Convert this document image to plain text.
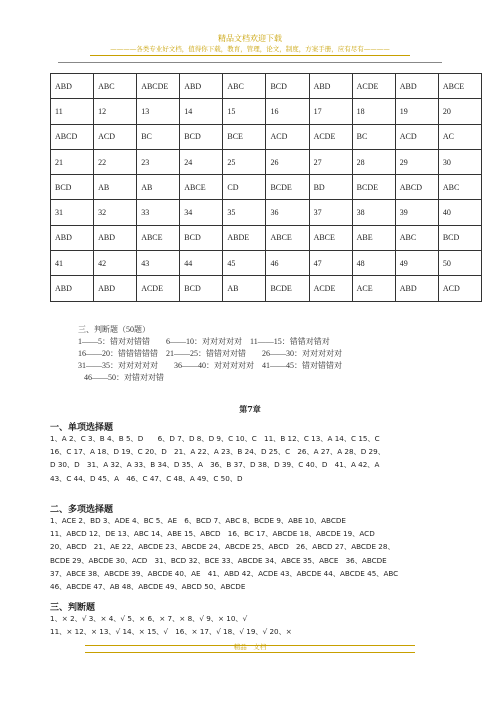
精品文档欢迎下载
————各类专业好文档，值得你下载，教育，管理，论文，制度，方案手册，应有尽有————
ABD	ABC	ABCDE	ABD	ABC	BCD	ABD	ACDE	ABD	ABCE
11	12	13	14	15	16	17	18	19	20
ABCD	ACD	BC	BCD	BCE	ACD	ACDE	BC	ACD	AC
21	22	23	24	25	26	27	28	29	30
BCD	AB	AB	ABCE	CD	BCDE	BD	BCDE	ABCD	ABC
31	32	33	34	35	36	37	38	39	40
ABD	ABD	ABCE	BCD	ABDE	ABCE	ABCE	ABE	ABC	BCD
41	42	43	44	45	46	47	48	49	50
ABD	ABD	ACDE	BCD	AB	BCDE	ACDE	ACE	ABD	ACD
三、判断题（50题）
1——5：错对对错错　　6——10：对对对对对　11——15：错错对错对
16——20：错错错错错　21——25：错错对对错　　26——30：对对对对对
31——35：对对对对对　　36——40：对对对对对　41——45：错对错错对
46——50：对错对对错
第7章
一、单项选择题
1、A 2、C 3、B 4、B 5、D　　6、D 7、D 8、D 9、C 10、C　11、B 12、C 13、A 14、C 15、C
16、C 17、A 18、D 19、C 20、D　21、A 22、A 23、B 24、D 25、C　26、A 27、A 28、D 29、
D 30、D　31、A 32、A 33、B 34、D 35、A　36、B 37、D 38、D 39、C 40、D　41、A 42、A
43、C 44、D 45、A　46、C 47、C 48、A 49、C 50、D
二、多项选择题
1、ACE 2、BD 3、ADE 4、BC 5、AE　6、BCD 7、ABC 8、BCDE 9、ABE 10、ABCDE
11、ABCD 12、DE 13、ABC 14、ABE 15、ABCD　16、BC 17、ABCDE 18、ABCDE 19、ACD
20、ABCD　21、AE 22、ABCDE 23、ABCDE 24、ABCDE 25、ABCD　26、ABCD 27、ABCDE 28、
BCDE 29、ABCDE 30、ACD　31、BCD 32、BCE 33、ABCDE 34、ABCE 35、ABCE　36、ABCDE
37、ABCE 38、ABCDE 39、ABCDE 40、AE　41、ABD 42、ACDE 43、ABCDE 44、ABCDE 45、ABC
46、ABCDE 47、AB 48、ABCDE 49、ABCD 50、ABCDE
三、判断题
1、× 2、√ 3、× 4、√ 5、× 6、× 7、× 8、√ 9、× 10、√
11、× 12、× 13、√ 14、× 15、√　16、× 17、√ 18、√ 19、√ 20、×
精品　文档
